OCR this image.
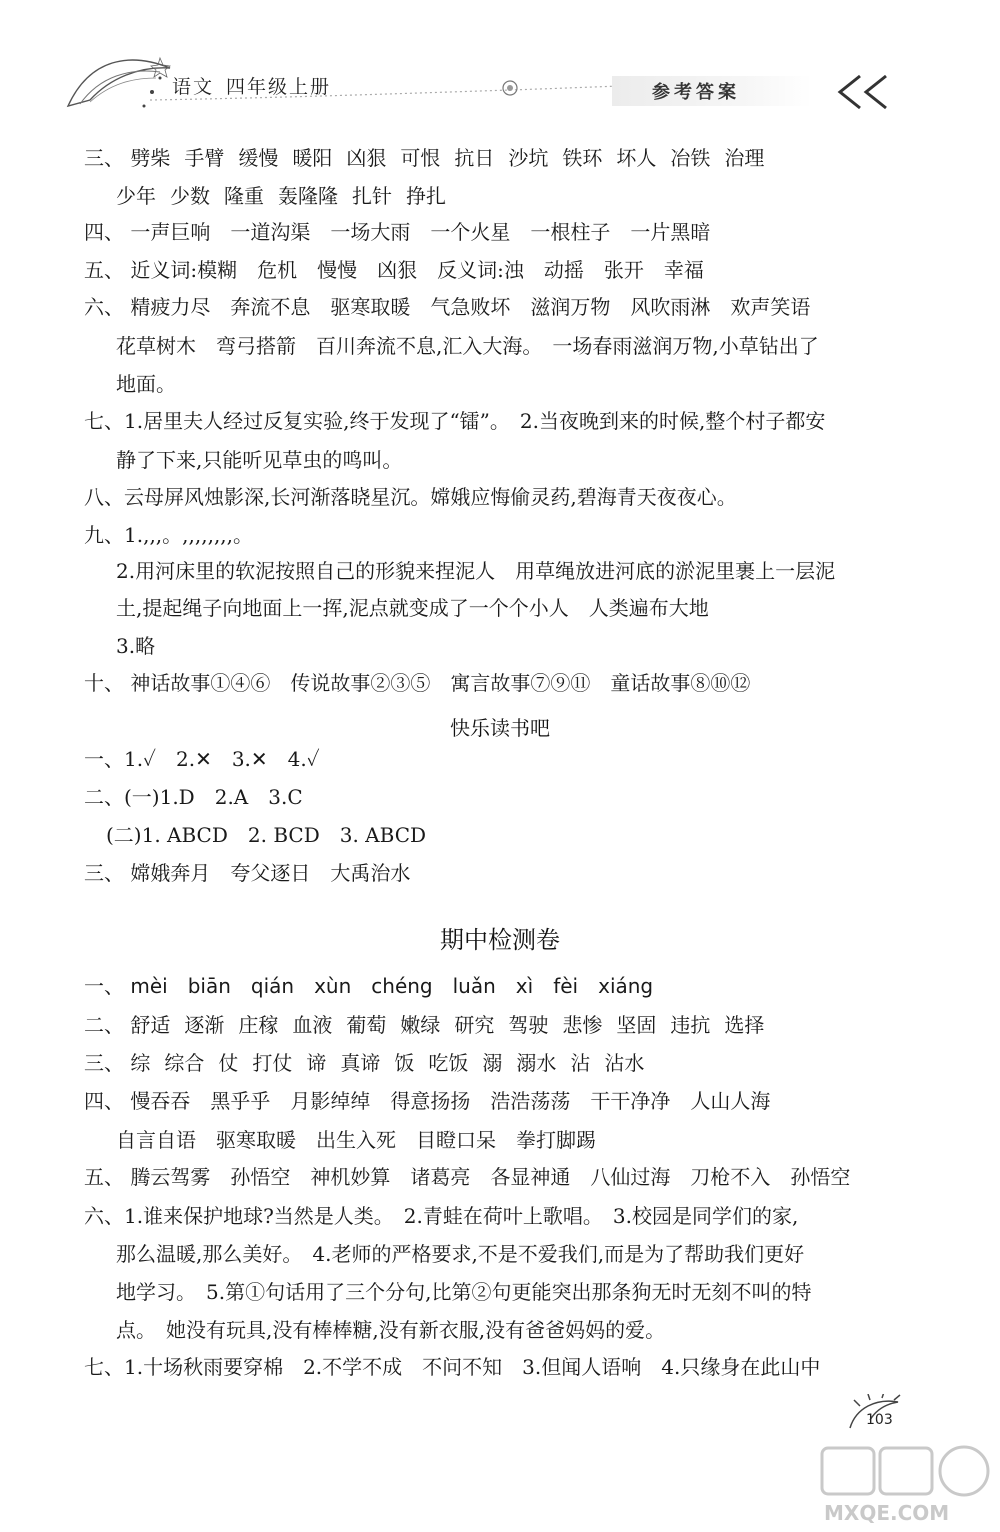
语文 四年级上册	参考答案
三、 劈柴 手臂 缓慢 暖阳 凶狠 可恨 抗日 沙坑 铁环 坏人 冶铁 治理
少年 少数 隆重 轰隆隆 扎针 挣扎
四、 一声巨响 一道沟渠 一场大雨 一个火星 一根柱子 一片黑暗
五、 近义词:模糊 危机 慢慢 凶狠 反义词:浊 动摇 张开 幸福
六、 精疲力尽 奔流不息 驱寒取暖 气急败坏 滋润万物 风吹雨淋 欢声笑语
花草树木　弯弓搭箭　百川奔流不息,汇入大海。　一场春雨滋润万物,小草钻出了
地面。
七、1.居里夫人经过反复实验,终于发现了“镭”。　2.当夜晚到来的时候,整个村子都安
静了下来,只能听见草虫的鸣叫。
八、云母屏风烛影深,长河渐落晓星沉。嫦娥应悔偷灵药,碧海青天夜夜心。
九、1.,,,。,,,,,,,,。
2.用河床里的软泥按照自己的形貌来捏泥人　用草绳放进河底的淤泥里裹上一层泥
土,提起绳子向地面上一挥,泥点就变成了一个个小人　人类遍布大地
3.略
十、 神话故事①④⑥ 传说故事②③⑤ 寓言故事⑦⑨⑪ 童话故事⑧⑩⑫
快乐读书吧
一、1.✓　2.✕　3.✕　4.✓
二、(一)1.D　2.A　3.C
(二)1. ABCD　2. BCD　3. ABCD
三、 嫦娥奔月 夸父逐日 大禹治水
期中检测卷
一、 mèi biān qián xùn chéng luǎn xì fèi xiáng
二、 舒适 逐渐 庄稼 血液 葡萄 嫩绿 研究 驾驶 悲惨 坚固 违抗 选择
三、 综 综合 仗 打仗 谛 真谛 饭 吃饭 溺 溺水 沾 沾水
四、 慢吞吞 黑乎乎 月影绰绰 得意扬扬 浩浩荡荡 干干净净 人山人海
自言自语 驱寒取暖 出生入死 目瞪口呆 拳打脚踢
五、 腾云驾雾 孙悟空 神机妙算 诸葛亮 各显神通 八仙过海 刀枪不入 孙悟空
六、1.谁来保护地球?当然是人类。　2.青蛙在荷叶上歌唱。　3.校园是同学们的家,
那么温暖,那么美好。　4.老师的严格要求,不是不爱我们,而是为了帮助我们更好
地学习。　5.第①句话用了三个分句,比第②句更能突出那条狗无时无刻不叫的特
点。　她没有玩具,没有棒棒糖,没有新衣服,没有爸爸妈妈的爱。
七、1.十场秋雨要穿棉　2.不学不成　不问不知　3.但闻人语响　4.只缘身在此山中
103
MXQE.COM
